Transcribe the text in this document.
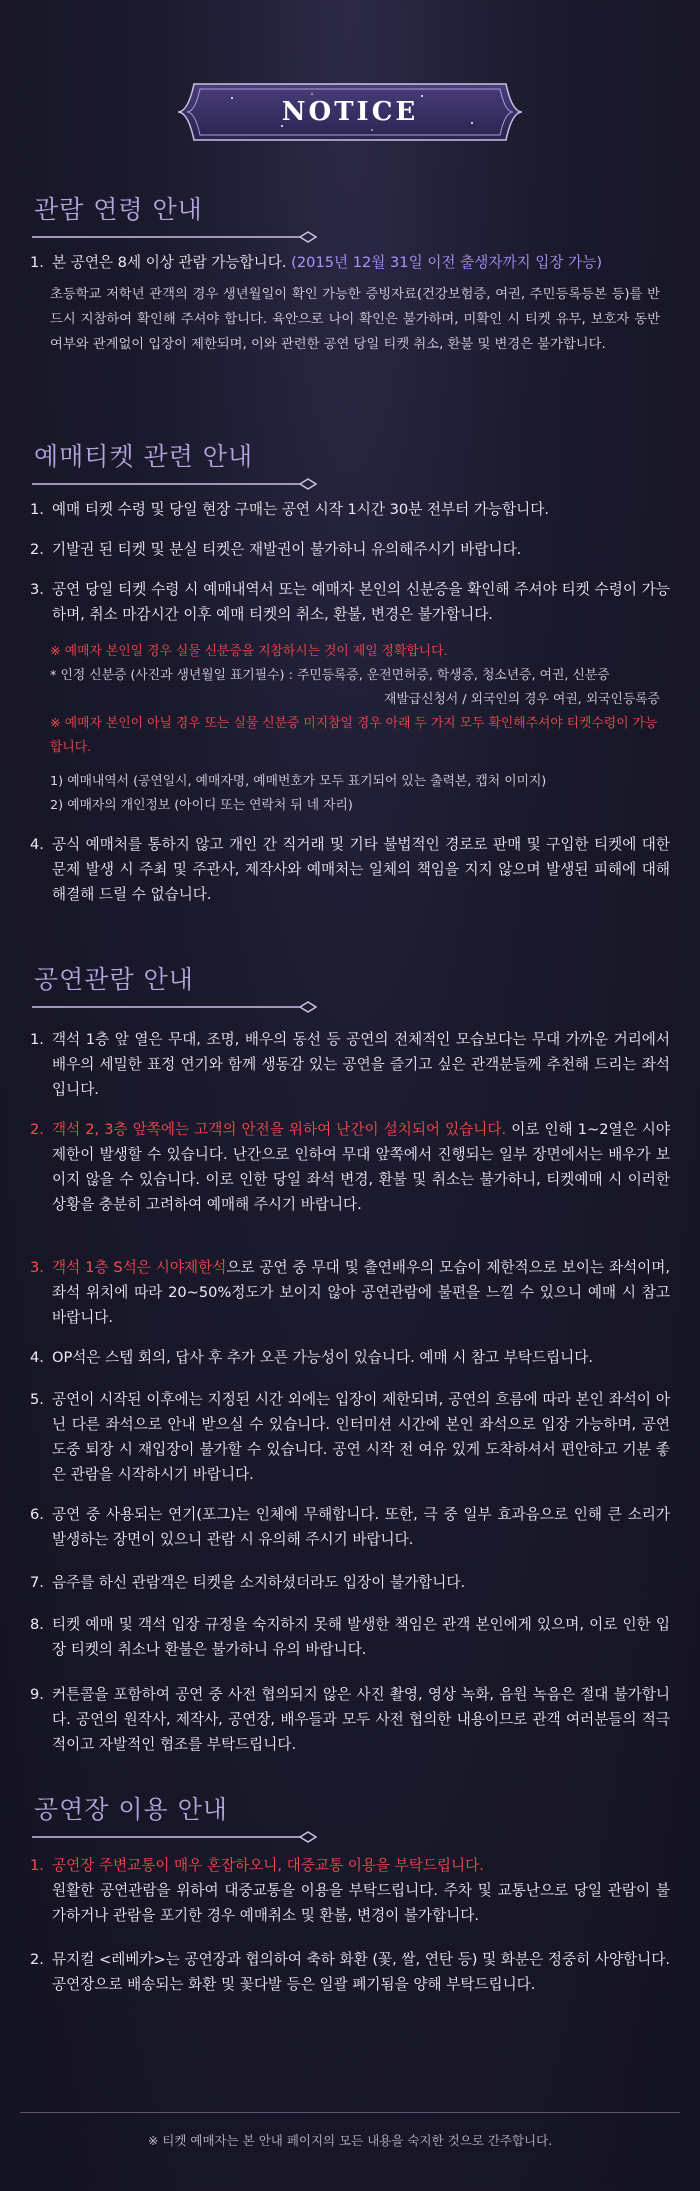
NOTICE
관람 연령 안내
1. 본 공연은 8세 이상 관람 가능합니다. (2015년 12월 31일 이전 출생자까지 입장 가능)
초등학교 저학년 관객의 경우 생년월일이 확인 가능한 증빙자료(건강보험증, 여권, 주민등록등본 등)를 반드시 지참하여 확인해 주셔야 합니다. 육안으로 나이 확인은 불가하며, 미확인 시 티켓 유무, 보호자 동반 여부와 관계없이 입장이 제한되며, 이와 관련한 공연 당일 티켓 취소, 환불 및 변경은 불가합니다.
예매티켓 관련 안내
1. 예매 티켓 수령 및 당일 현장 구매는 공연 시작 1시간 30분 전부터 가능합니다.
2. 기발권 된 티켓 및 분실 티켓은 재발권이 불가하니 유의해주시기 바랍니다.
3. 공연 당일 티켓 수령 시 예매내역서 또는 예매자 본인의 신분증을 확인해 주셔야 티켓 수령이 가능하며, 취소 마감시간 이후 예매 티켓의 취소, 환불, 변경은 불가합니다.
※ 예매자 본인일 경우 실물 신분증을 지참하시는 것이 제일 정확합니다.
* 인정 신분증 (사진과 생년월일 표기필수) : 주민등록증, 운전면허증, 학생증, 청소년증, 여권, 신분증
재발급신청서 / 외국인의 경우 여권, 외국인등록증
※ 예매자 본인이 아닐 경우 또는 실물 신분증 미지참일 경우 아래 두 가지 모두 확인해주셔야 티켓수령이 가능합니다.
1) 예매내역서 (공연일시, 예매자명, 예매번호가 모두 표기되어 있는 출력본, 캡처 이미지)
2) 예매자의 개인정보 (아이디 또는 연락처 뒤 네 자리)
4. 공식 예매처를 통하지 않고 개인 간 직거래 및 기타 불법적인 경로로 판매 및 구입한 티켓에 대한 문제 발생 시 주최 및 주관사, 제작사와 예매처는 일체의 책임을 지지 않으며 발생된 피해에 대해 해결해 드릴 수 없습니다.
공연관람 안내
1. 객석 1층 앞 열은 무대, 조명, 배우의 동선 등 공연의 전체적인 모습보다는 무대 가까운 거리에서 배우의 세밀한 표정 연기와 함께 생동감 있는 공연을 즐기고 싶은 관객분들께 추천해 드리는 좌석입니다.
2. 객석 2, 3층 앞쪽에는 고객의 안전을 위하여 난간이 설치되어 있습니다. 이로 인해 1~2열은 시야제한이 발생할 수 있습니다. 난간으로 인하여 무대 앞쪽에서 진행되는 일부 장면에서는 배우가 보이지 않을 수 있습니다. 이로 인한 당일 좌석 변경, 환불 및 취소는 불가하니, 티켓예매 시 이러한 상황을 충분히 고려하여 예매해 주시기 바랍니다.
3. 객석 1층 S석은 시야제한석으로 공연 중 무대 및 출연배우의 모습이 제한적으로 보이는 좌석이며, 좌석 위치에 따라 20~50%정도가 보이지 않아 공연관람에 불편을 느낄 수 있으니 예매 시 참고 바랍니다.
4. OP석은 스텝 회의, 답사 후 추가 오픈 가능성이 있습니다. 예매 시 참고 부탁드립니다.
5. 공연이 시작된 이후에는 지정된 시간 외에는 입장이 제한되며, 공연의 흐름에 따라 본인 좌석이 아닌 다른 좌석으로 안내 받으실 수 있습니다. 인터미션 시간에 본인 좌석으로 입장 가능하며, 공연 도중 퇴장 시 재입장이 불가할 수 있습니다. 공연 시작 전 여유 있게 도착하셔서 편안하고 기분 좋은 관람을 시작하시기 바랍니다.
6. 공연 중 사용되는 연기(포그)는 인체에 무해합니다. 또한, 극 중 일부 효과음으로 인해 큰 소리가 발생하는 장면이 있으니 관람 시 유의해 주시기 바랍니다.
7. 음주를 하신 관람객은 티켓을 소지하셨더라도 입장이 불가합니다.
8. 티켓 예매 및 객석 입장 규정을 숙지하지 못해 발생한 책임은 관객 본인에게 있으며, 이로 인한 입장 티켓의 취소나 환불은 불가하니 유의 바랍니다.
9. 커튼콜을 포함하여 공연 중 사전 협의되지 않은 사진 촬영, 영상 녹화, 음원 녹음은 절대 불가합니다. 공연의 원작사, 제작사, 공연장, 배우들과 모두 사전 협의한 내용이므로 관객 여러분들의 적극적이고 자발적인 협조를 부탁드립니다.
공연장 이용 안내
1. 공연장 주변교통이 매우 혼잡하오니, 대중교통 이용을 부탁드립니다.
원활한 공연관람을 위하여 대중교통을 이용을 부탁드립니다. 주차 및 교통난으로 당일 관람이 불가하거나 관람을 포기한 경우 예매취소 및 환불, 변경이 불가합니다.
2. 뮤지컬 <레베카>는 공연장과 협의하여 축하 화환 (꽃, 쌀, 연탄 등) 및 화분은 정중히 사양합니다. 공연장으로 배송되는 화환 및 꽃다발 등은 일괄 폐기됨을 양해 부탁드립니다.
※ 티켓 예매자는 본 안내 페이지의 모든 내용을 숙지한 것으로 간주합니다.
